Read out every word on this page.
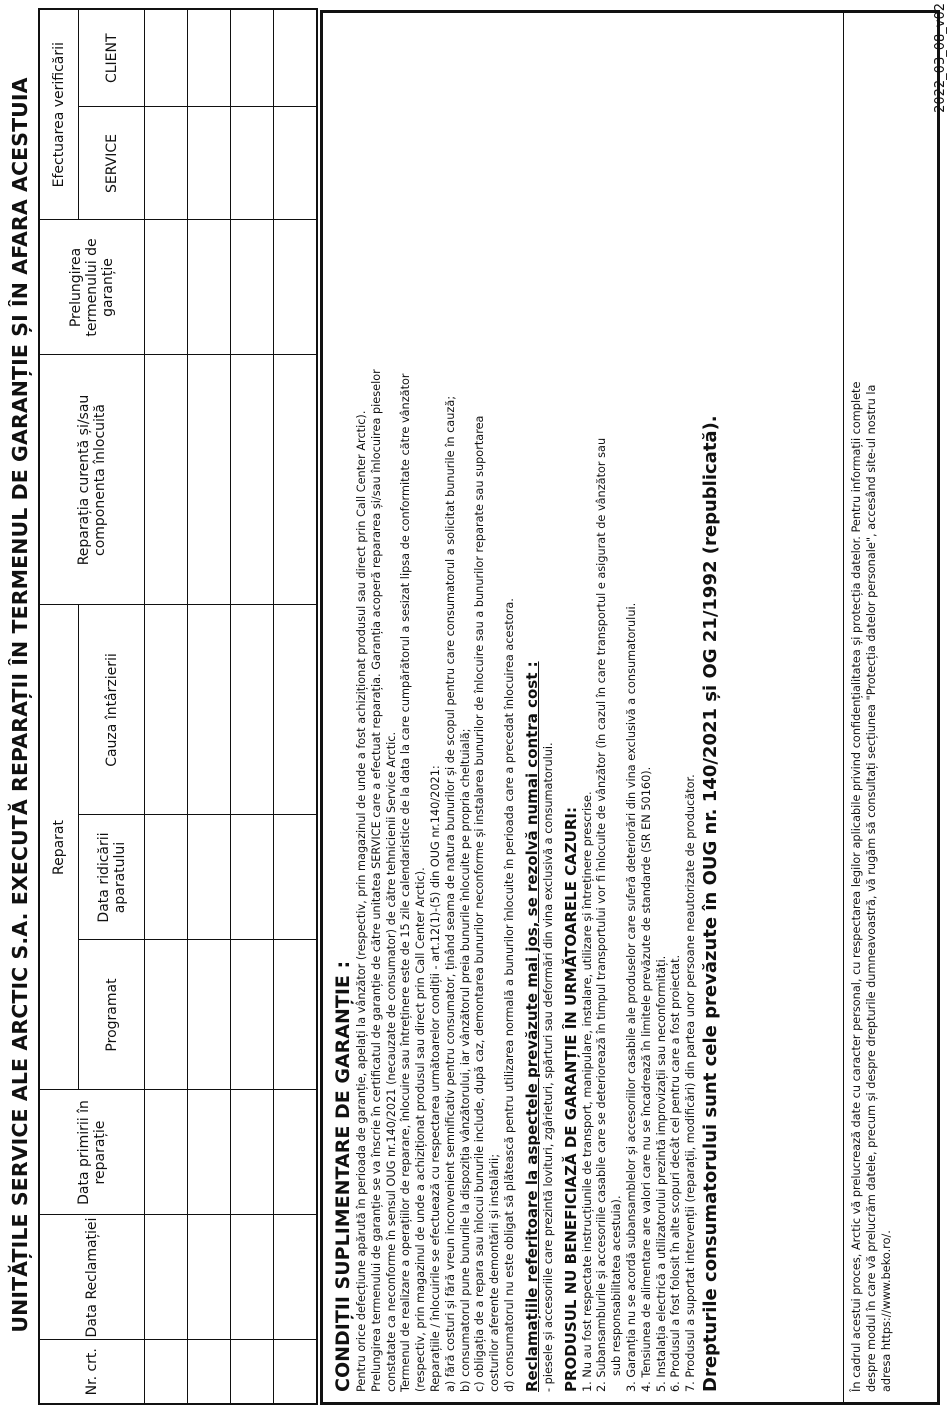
UNITĂȚILE SERVICE ALE ARCTIC S.A. EXECUTĂ REPARAȚII ÎN TERMENUL DE GARANȚIE ȘI ÎN AFARA ACESTUIA
Nr. crt.	Data Reclamației	Data primirii în reparație	Reparat			Reparația curentă și/sau componenta înlocuită	Prelungirea termenului de garanție	Efectuarea verificării	
			Programat	Data ridicării aparatului	Cauza întârzierii			SERVICE	CLIENT

CONDIȚII SUPLIMENTARE DE GARANȚIE : Pentru orice defecțiune apărută în perioada de garanție, apelați la vânzător (respectiv, prin magazinul de unde a fost achiziționat produsul sau direct prin Call Center Arctic). Prelungirea termenului de garanție se va înscrie în certificatul de garanție de către unitatea SERVICE care a efectuat reparația. Garanția acoperă repararea și/sau înlocuirea pieselor constatate ca neconforme în sensul OUG nr.140/2021 (necauzate de consumator) de către tehnicienii Service Arctic. Termenul de realizare a operațiilor de reparare, înlocuire sau întreținere este de 15 zile calendaristice de la data la care cumpărătorul a sesizat lipsa de conformitate către vânzător (respectiv, prin magazinul de unde a achiziționat produsul sau direct prin Call Center Arctic). Reparațiile / înlocuirile se efectuează cu respectarea următoarelor condiții - art.12(1)-(5) din OUG nr.140/2021: a) fără costuri și fără vreun inconvenient semnificativ pentru consumator, ținând seama de natura bunurilor și de scopul pentru care consumatorul a solicitat bunurile în cauză; b) consumatorul pune bunurile la dispoziția vânzătorului, iar vânzătorul preia bunurile înlocuite pe propria cheltuială; c) obligația de a repara sau înlocui bunurile include, după caz, demontarea bunurilor neconforme și instalarea bunurilor de înlocuire sau a bunurilor reparate sau suportarea costurilor aferente demontării și instalării; d) consumatorul nu este obligat să plătească pentru utilizarea normală a bunurilor înlocuite în perioada care a precedat înlocuirea acestora. Reclamațiile referitoare la aspectele prevăzute mai jos, se rezolvă numai contra cost : - piesele și accesoriile care prezintă lovituri, zgârieturi, spărturi sau deformări din vina exclusivă a consumatorului. PRODUSUL NU BENEFICIAZĂ DE GARANȚIE ÎN URMĂTOARELE CAZURI: 1. Nu au fost respectate instrucțiunile de transport, manipulare, instalare, utilizare și întreținere prescrise. 2. Subansamblurile și accesoriile casabile care se deteriorează în timpul transportului vor fi înlocuite de vânzător (în cazul în care transportul e asigurat de vânzător sau sub responsabilitatea acestuia). 3. Garanția nu se acordă subansamblelor și accesoriilor casabile ale produselor care suferă deteriorări din vina exclusivă a consumatorului. 4. Tensiunea de alimentare are valori care nu se încadrează în limitele prevăzute de standarde (SR EN 50160). 5. Instalația electrică a utilizatorului prezintă improvizații sau neconformități. 6. Produsul a fost folosit în alte scopuri decât cel pentru care a fost proiectat. 7. Produsul a suportat intervenții (reparații, modificări) din partea unor persoane neautorizate de producător. Drepturile consumatorului sunt cele prevăzute în OUG nr. 140/2021 și OG 21/1992 (republicată).	În cadrul acestui proces, Arctic vă prelucrează date cu caracter personal, cu respectarea legilor aplicabile privind confidențialitatea și protecția datelor. Pentru informații complete despre modul în care vă prelucrăm datele, precum și despre drepturile dumneavoastră, vă rugăm să consultați secțiunea "Protecția datelor personale", accesând site-ul nostru la adresa https://www.beko.ro/.

2022_03_08_v02
